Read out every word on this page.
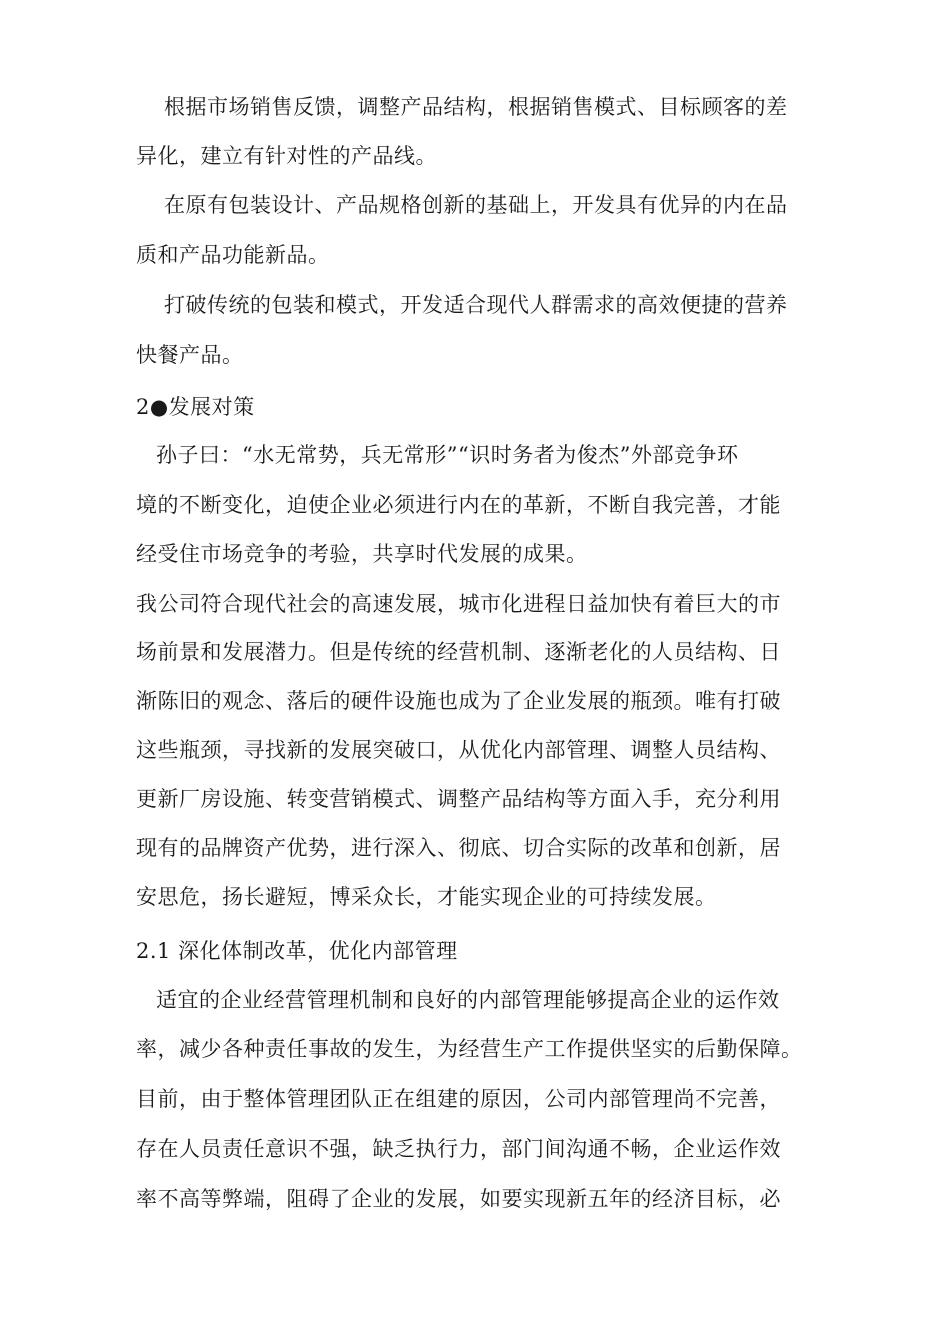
根据市场销售反馈，调整产品结构，根据销售模式、目标顾客的差
异化，建立有针对性的产品线。
在原有包装设计、产品规格创新的基础上，开发具有优异的内在品
质和产品功能新品。
打破传统的包装和模式，开发适合现代人群需求的高效便捷的营养
快餐产品。
2●发展对策
孙子曰：“水无常势，兵无常形”“识时务者为俊杰”外部竞争环
境的不断变化，迫使企业必须进行内在的革新，不断自我完善，才能
经受住市场竞争的考验，共享时代发展的成果。
我公司符合现代社会的高速发展，城市化进程日益加快有着巨大的市
场前景和发展潜力。但是传统的经营机制、逐渐老化的人员结构、日
渐陈旧的观念、落后的硬件设施也成为了企业发展的瓶颈。唯有打破
这些瓶颈，寻找新的发展突破口，从优化内部管理、调整人员结构、
更新厂房设施、转变营销模式、调整产品结构等方面入手，充分利用
现有的品牌资产优势，进行深入、彻底、切合实际的改革和创新，居
安思危，扬长避短，博采众长，才能实现企业的可持续发展。
2.1 深化体制改革，优化内部管理
适宜的企业经营管理机制和良好的内部管理能够提高企业的运作效
率，减少各种责任事故的发生，为经营生产工作提供坚实的后勤保障。
目前，由于整体管理团队正在组建的原因，公司内部管理尚不完善，
存在人员责任意识不强，缺乏执行力，部门间沟通不畅，企业运作效
率不高等弊端，阻碍了企业的发展，如要实现新五年的经济目标，必
